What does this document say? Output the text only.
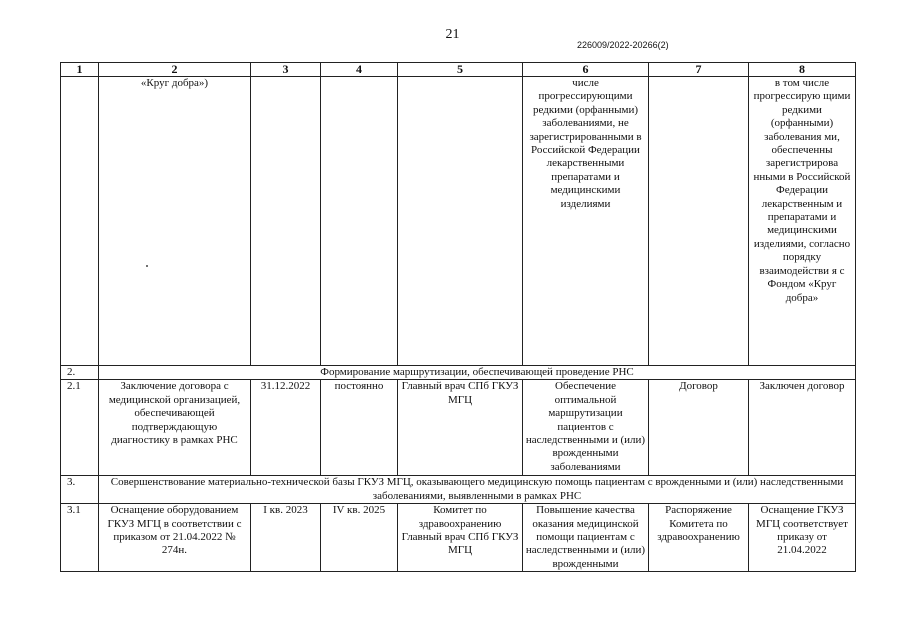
21
226009/2022-20266(2)
1	2	3	4	5	6	7	8
	«Круг добра»)				числе прогрессирующими редкими (орфанными) заболеваниями, не зарегистрированными в Российской Федерации лекарственными препаратами и медицинскими изделиями		в том числе прогрессирую щими редкими (орфанными) заболевания ми, обеспеченны зарегистрирова нными в Российской Федерации лекарственным и препаратами и медицинскими изделиями, согласно порядку взаимодействи я с Фондом «Круг добра»
2.	Формирование маршрутизации, обеспечивающей проведение РНС						
2.1	Заключение договора с медицинской организацией, обеспечивающей подтверждающую диагностику в рамках РНС	31.12.2022	постоянно	Главный врач СПб ГКУЗ МГЦ	Обеспечение оптимальной маршрутизации пациентов с наследственными и (или) врожденными заболеваниями	Договор	Заключен договор
3.	Совершенствование материально-технической базы ГКУЗ МГЦ, оказывающего медицинскую помощь пациентам с врожденными и (или) наследственными заболеваниями, выявленными в рамках РНС						
3.1	Оснащение оборудованием ГКУЗ МГЦ в соответствии с приказом от 21.04.2022 № 274н.	I кв. 2023	IV кв. 2025	Комитет по здравоохранению Главный врач СПб ГКУЗ МГЦ	Повышение качества оказания медицинской помощи пациентам с наследственными и (или) врожденными	Распоряжение Комитета по здравоохранению	Оснащение ГКУЗ МГЦ соответствует приказу от 21.04.2022
